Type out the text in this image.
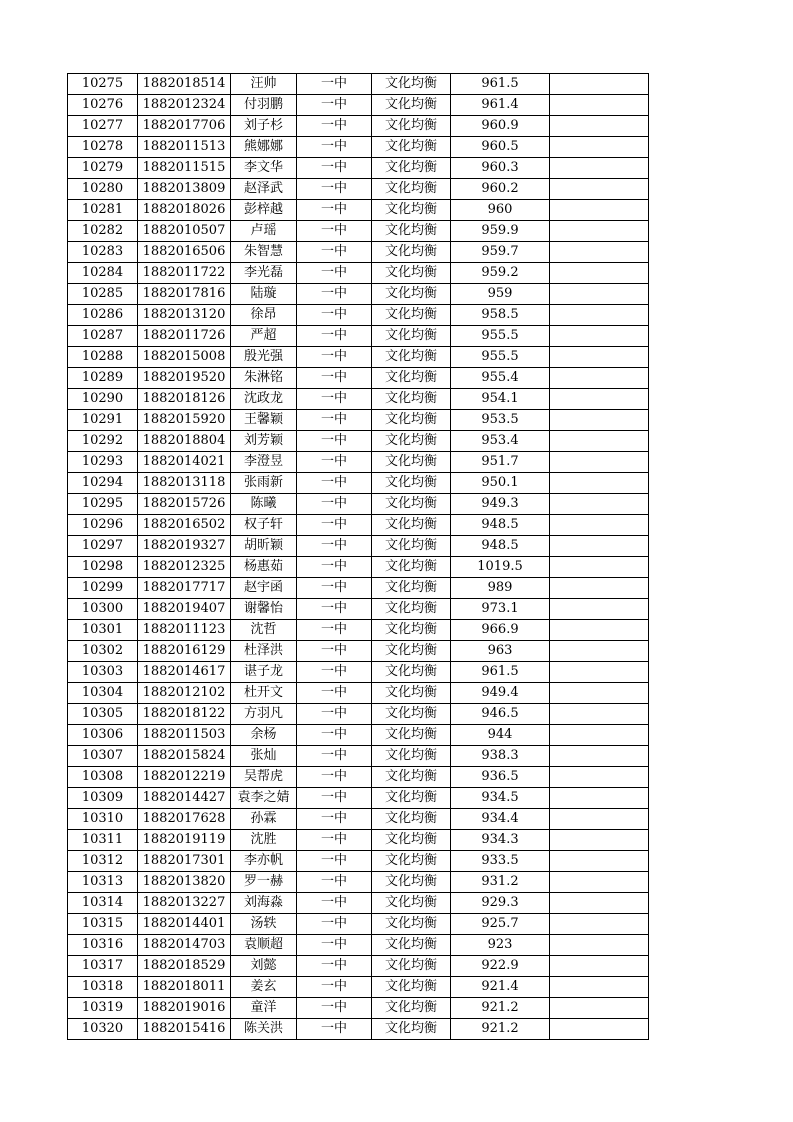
10275	1882018514	汪帅	一中	文化均衡	961.5	
10276	1882012324	付羽鹏	一中	文化均衡	961.4	
10277	1882017706	刘子杉	一中	文化均衡	960.9	
10278	1882011513	熊娜娜	一中	文化均衡	960.5	
10279	1882011515	李文华	一中	文化均衡	960.3	
10280	1882013809	赵泽武	一中	文化均衡	960.2	
10281	1882018026	彭梓越	一中	文化均衡	960	
10282	1882010507	卢瑶	一中	文化均衡	959.9	
10283	1882016506	朱智慧	一中	文化均衡	959.7	
10284	1882011722	李光磊	一中	文化均衡	959.2	
10285	1882017816	陆璇	一中	文化均衡	959	
10286	1882013120	徐昂	一中	文化均衡	958.5	
10287	1882011726	严超	一中	文化均衡	955.5	
10288	1882015008	殷光强	一中	文化均衡	955.5	
10289	1882019520	朱淋铭	一中	文化均衡	955.4	
10290	1882018126	沈政龙	一中	文化均衡	954.1	
10291	1882015920	王馨颖	一中	文化均衡	953.5	
10292	1882018804	刘芳颖	一中	文化均衡	953.4	
10293	1882014021	李澄昱	一中	文化均衡	951.7	
10294	1882013118	张雨新	一中	文化均衡	950.1	
10295	1882015726	陈曦	一中	文化均衡	949.3	
10296	1882016502	权子轩	一中	文化均衡	948.5	
10297	1882019327	胡昕颖	一中	文化均衡	948.5	
10298	1882012325	杨惠茹	一中	文化均衡	1019.5	
10299	1882017717	赵宇函	一中	文化均衡	989	
10300	1882019407	谢馨怡	一中	文化均衡	973.1	
10301	1882011123	沈哲	一中	文化均衡	966.9	
10302	1882016129	杜泽洪	一中	文化均衡	963	
10303	1882014617	谌子龙	一中	文化均衡	961.5	
10304	1882012102	杜开文	一中	文化均衡	949.4	
10305	1882018122	方羽凡	一中	文化均衡	946.5	
10306	1882011503	余杨	一中	文化均衡	944	
10307	1882015824	张灿	一中	文化均衡	938.3	
10308	1882012219	吴帮虎	一中	文化均衡	936.5	
10309	1882014427	袁李之婧	一中	文化均衡	934.5	
10310	1882017628	孙霖	一中	文化均衡	934.4	
10311	1882019119	沈胜	一中	文化均衡	934.3	
10312	1882017301	李亦帆	一中	文化均衡	933.5	
10313	1882013820	罗一赫	一中	文化均衡	931.2	
10314	1882013227	刘海淼	一中	文化均衡	929.3	
10315	1882014401	汤轶	一中	文化均衡	925.7	
10316	1882014703	袁顺超	一中	文化均衡	923	
10317	1882018529	刘懿	一中	文化均衡	922.9	
10318	1882018011	姜玄	一中	文化均衡	921.4	
10319	1882019016	童洋	一中	文化均衡	921.2	
10320	1882015416	陈关洪	一中	文化均衡	921.2	
